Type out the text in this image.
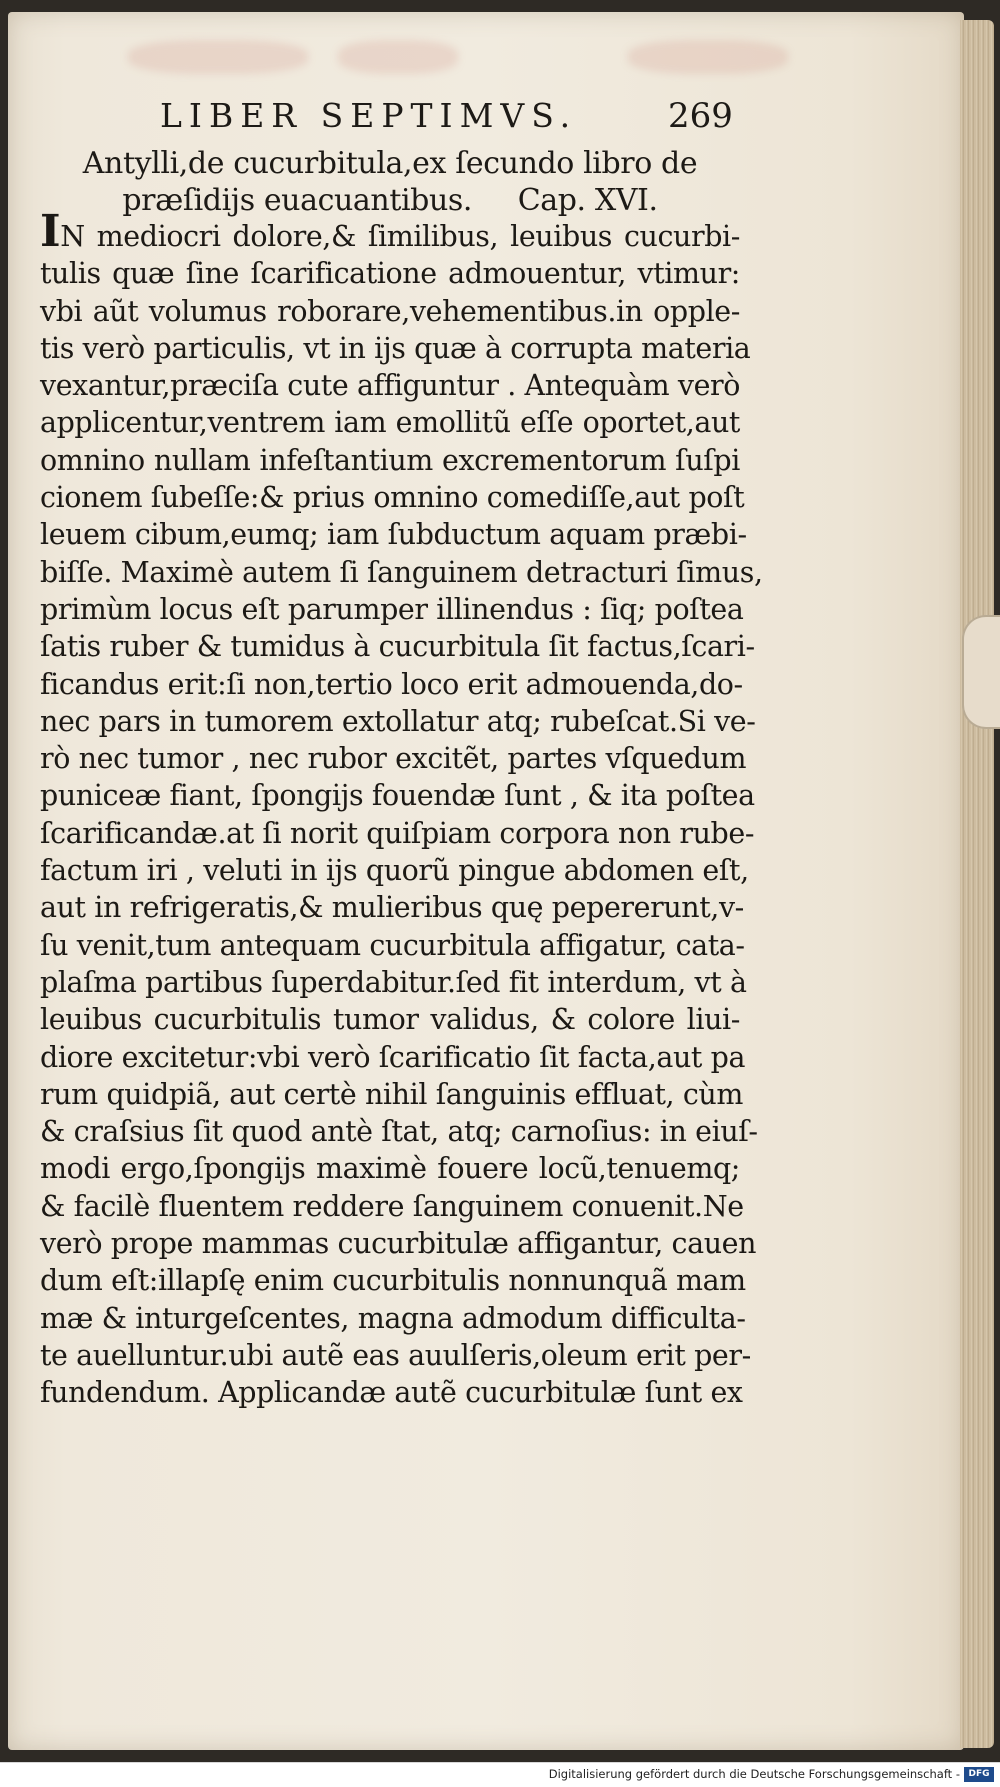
LIBER SEPTIMVS.	269
Antylli,de cucurbitula,ex ſecundo libro de
præſidijs euacuantibus.     Cap. XVI.
IN mediocri dolore,& ſimilibus, leuibus cucurbi-
tulis quæ ſine ſcarificatione admouentur, vtimur:
vbi aũt volumus roborare,vehementibus.in opple-
tis verò particulis, vt in ijs quæ à corrupta materia
vexantur,præciſa cute affiguntur . Antequàm verò
applicentur,ventrem iam emollitũ eſſe oportet,aut
omnino nullam infeſtantium excrementorum ſuſpi
cionem ſubeſſe:& prius omnino comediſſe,aut poſt
leuem cibum,eumq; iam ſubductum aquam præbi-
biſſe. Maximè autem ſi ſanguinem detracturi ſimus,
primùm locus eſt parumper illinendus : ſiq; poſtea
ſatis ruber & tumidus à cucurbitula ſit factus,ſcari-
ficandus erit:ſi non,tertio loco erit admouenda,do-
nec pars in tumorem extollatur atq; rubeſcat.Si ve-
rò nec tumor , nec rubor excitẽt, partes vſquedum
puniceæ fiant, ſpongijs fouendæ ſunt , & ita poſtea
ſcarificandæ.at ſi norit quiſpiam corpora non rube-
factum iri , veluti in ijs quorũ pingue abdomen eſt,
aut in refrigeratis,& mulieribus quę pepererunt,v-
ſu venit,tum antequam cucurbitula affigatur, cata-
plaſma partibus ſuperdabitur.ſed fit interdum, vt à
leuibus cucurbitulis tumor validus, & colore liui-
diore excitetur:vbi verò ſcarificatio ſit facta,aut pa
rum quidpiã, aut certè nihil ſanguinis effluat, cùm
& craſsius ſit quod antè ſtat, atq; carnoſius: in eiuſ-
modi ergo,ſpongijs maximè fouere locũ,tenuemq;
& facilè fluentem reddere ſanguinem conuenit.Ne
verò prope mammas cucurbitulæ affigantur, cauen
dum eſt:illapſę enim cucurbitulis nonnunquã mam
mæ & inturgeſcentes, magna admodum difficulta-
te auelluntur.ubi autẽ eas auulſeris,oleum erit per-
fundendum. Applicandæ autẽ cucurbitulæ ſunt ex
Digitalisierung gefördert durch die Deutsche Forschungsgemeinschaft - DFG
